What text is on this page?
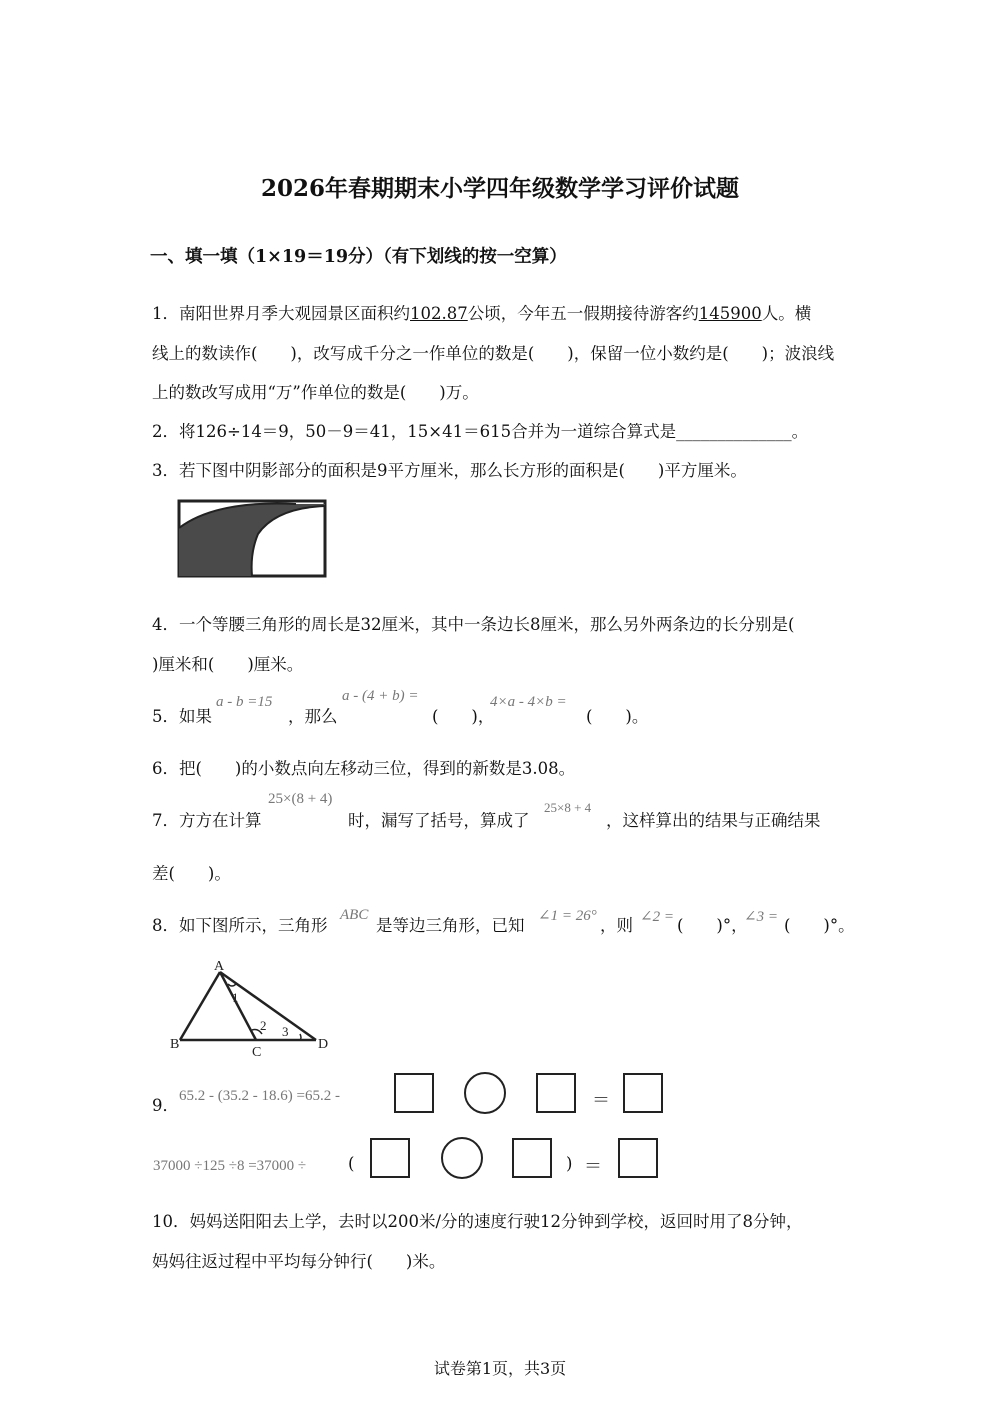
2026年春期期末小学四年级数学学习评价试题
一、填一填（1×19＝19分）（有下划线的按一空算）
1．南阳世界月季大观园景区面积约102.87公顷，今年五一假期接待游客约145900人。横
线上的数读作(　　)，改写成千分之一作单位的数是(　　)，保留一位小数约是(　　)；波浪线
上的数改写成用“万”作单位的数是(　　)万。
2．将126÷14＝9，50－9＝41，15×41＝615合并为一道综合算式是______________。
3．若下图中阴影部分的面积是9平方厘米，那么长方形的面积是(　　)平方厘米。
4．一个等腰三角形的周长是32厘米，其中一条边长8厘米，那么另外两条边的长分别是(
)厘米和(　　)厘米。
5．如果
a - b =15
，那么
a - (4 + b) =
(　　)，
4×a - 4×b =
(　　)。
6．把(　　)的小数点向左移动三位，得到的新数是3.08。
7．方方在计算
25×(8 + 4)
时，漏写了括号，算成了
25×8 + 4
，这样算出的结果与正确结果
差(　　)。
8．如下图所示，三角形
ABC
是等边三角形，已知 ∠1 = 26° ，则 ∠2 = (　　)°，
∠3 = (　　)°。
A
B
C
D
1
2 3
9． 65.2 - (35.2 - 18.6) =65.2 -	＝
37000 ÷125 ÷8 =37000 ÷	(	) ＝
10．妈妈送阳阳去上学，去时以200米/分的速度行驶12分钟到学校，返回时用了8分钟，
妈妈往返过程中平均每分钟行(　　)米。
试卷第1页，共3页
